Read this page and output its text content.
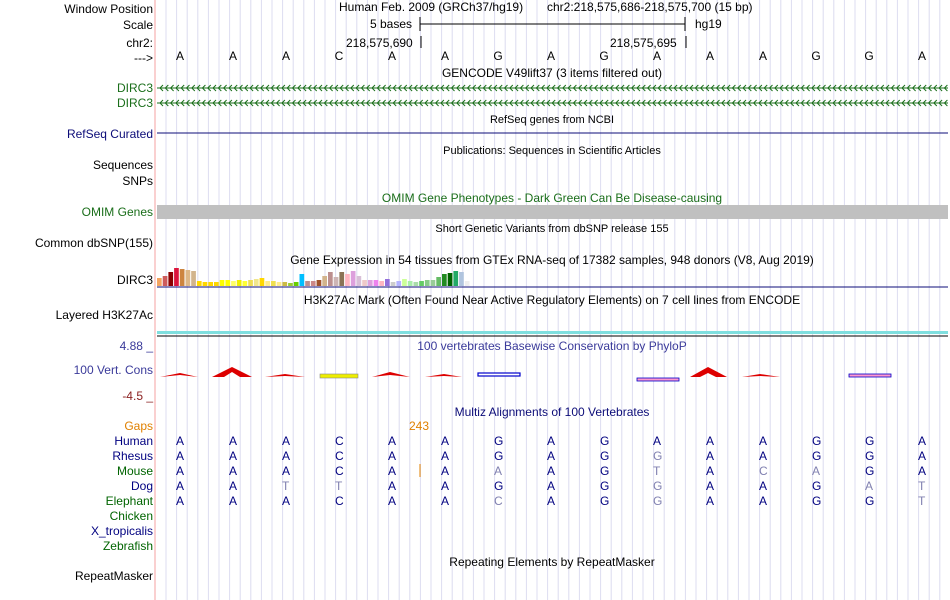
Window Position
Scale
chr2:
--->
Human Feb. 2009 (GRCh37/hg19) chr2:218,575,686-218,575,700 (15 bp)
5 bases	hg19
218,575,690	218,575,695
A	A	A	C	A	A	G	A	G	A	A	A	G	G	A
GENCODE V49lift37 (3 items filtered out)
DIRC3
DIRC3
RefSeq genes from NCBI
RefSeq Curated
Publications: Sequences in Scientific Articles
Sequences
SNPs
OMIM Gene Phenotypes - Dark Green Can Be Disease-causing
OMIM Genes
Short Genetic Variants from dbSNP release 155
Common dbSNP(155)
Gene Expression in 54 tissues from GTEx RNA-seq of 17382 samples, 948 donors (V8, Aug 2019)
DIRC3
H3K27Ac Mark (Often Found Near Active Regulatory Elements) on 7 cell lines from ENCODE
Layered H3K27Ac
100 vertebrates Basewise Conservation by PhyloP
4.88 _
100 Vert. Cons
-4.5 _
Multiz Alignments of 100 Vertebrates
Gaps	243
Human A	A	A	C	A	A	G	A	G	A	A	A	G	G	A
Rhesus A	A	A	C	A	A	G	A	G	G	A	A	G	G	A
Mouse A	A	A	C	A	A	A	A	G	T	A	C	A	G	A
Dog A	A	T	T	A	A	G	A	G	G	A	A	G	A	T
Elephant A	A	A	C	A	A	C	A	G	G	A	A	G	G	T
Chicken
X_tropicalis
Zebrafish
Repeating Elements by RepeatMasker
RepeatMasker
